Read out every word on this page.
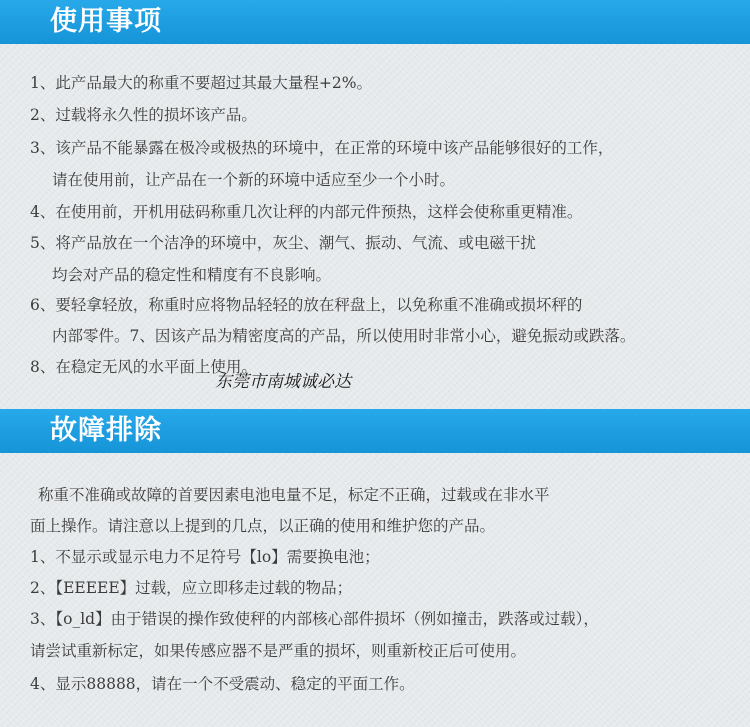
使用事项
1、此产品最大的称重不要超过其最大量程+2%。
2、过载将永久性的损坏该产品。
3、该产品不能暴露在极冷或极热的环境中，在正常的环境中该产品能够很好的工作，
请在使用前，让产品在一个新的环境中适应至少一个小时。
4、在使用前，开机用砝码称重几次让秤的内部元件预热，这样会使称重更精准。
5、将产品放在一个洁净的环境中，灰尘、潮气、振动、气流、或电磁干扰
均会对产品的稳定性和精度有不良影响。
6、要轻拿轻放，称重时应将物品轻轻的放在秤盘上，以免称重不准确或损坏秤的
内部零件。7、因该产品为精密度高的产品，所以使用时非常小心，避免振动或跌落。
8、在稳定无风的水平面上使用。
东莞市南城诚必达
故障排除
称重不准确或故障的首要因素电池电量不足，标定不正确，过载或在非水平
面上操作。请注意以上提到的几点，以正确的使用和维护您的产品。
1、不显示或显示电力不足符号【lo】需要换电池；
2、【EEEEE】过载，应立即移走过载的物品；
3、【o_ld】由于错误的操作致使秤的内部核心部件损坏（例如撞击，跌落或过载），
请尝试重新标定，如果传感应器不是严重的损坏，则重新校正后可使用。
4、显示88888，请在一个不受震动、稳定的平面工作。
